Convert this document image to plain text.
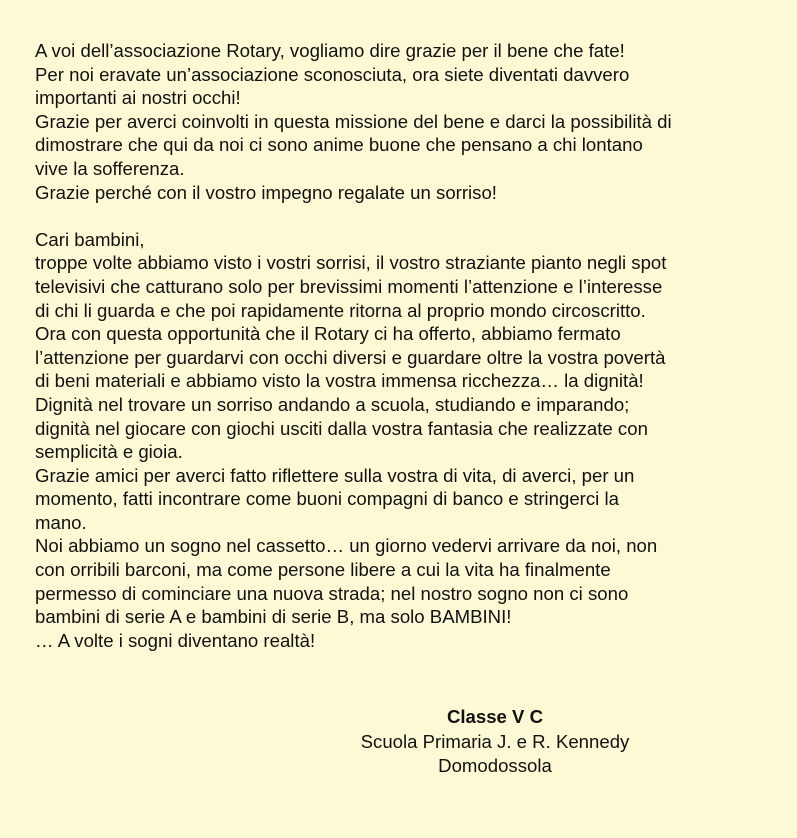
A voi dell’associazione Rotary, vogliamo dire grazie per il bene che fate!
Per noi eravate un’associazione sconosciuta, ora siete diventati davvero
importanti ai nostri occhi!
Grazie per averci coinvolti in questa missione del bene e darci la possibilità di
dimostrare che qui da noi ci sono anime buone che pensano a chi lontano
vive la sofferenza.
Grazie perché con il vostro impegno regalate un sorriso!
Cari bambini,
troppe volte abbiamo visto i vostri sorrisi, il vostro straziante pianto negli spot
televisivi che catturano solo per brevissimi momenti l’attenzione e l’interesse
di chi li guarda e che poi rapidamente ritorna al proprio mondo circoscritto.
Ora con questa opportunità che il Rotary ci ha offerto, abbiamo fermato
l’attenzione per guardarvi con occhi diversi e guardare oltre la vostra povertà
di beni materiali e abbiamo visto la vostra immensa ricchezza… la dignità!
Dignità nel trovare un sorriso andando a scuola, studiando e imparando;
dignità nel giocare con giochi usciti dalla vostra fantasia che realizzate con
semplicità e gioia.
Grazie amici per averci fatto riflettere sulla vostra di vita, di averci, per un
momento, fatti incontrare come buoni compagni di banco e stringerci la
mano.
Noi abbiamo un sogno nel cassetto… un giorno vedervi arrivare da noi, non
con orribili barconi, ma come persone libere a cui la vita ha finalmente
permesso di cominciare una nuova strada; nel nostro sogno non ci sono
bambini di serie A e bambini di serie B, ma solo BAMBINI!
… A volte i sogni diventano realtà!
Classe V C
Scuola Primaria J. e R. Kennedy
Domodossola
